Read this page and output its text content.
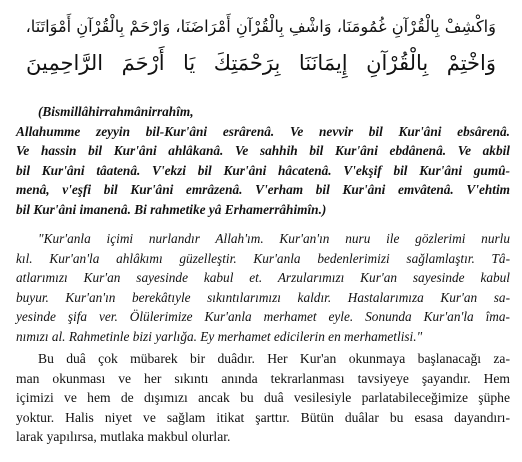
وَاكْشِفْ بِالْقُرْآنِ غُمُومَنَا، وَاشْفِ بِالْقُرْآنِ أَمْرَاضَنَا، وَارْحَمْ بِالْقُرْآنِ أَمْوَاتَنَا،
وَاخْتِمْ بِالْقُرْآنِ إِيمَانَنَا بِرَحْمَتِكَ يَا أَرْحَمَ الرَّاحِمِينَ
(Bismillâhirrahmânirrahîm,
Allahumme zeyyin bil-Kur'âni esrârenâ. Ve nevvir bil Kur'âni ebsârenâ.
Ve hassin bil Kur'âni ahlâkanâ. Ve sahhih bil Kur'âni ebdânenâ. Ve akbil
bil Kur'âni tâatenâ. V'ekzi bil Kur'âni hâcatenâ. V'ekşif bil Kur'âni gumû-
menâ, v'eşfi bil Kur'âni emrâzenâ. V'erham bil Kur'âni emvâtenâ. V'ehtim
bil Kur'âni imanenâ. Bi rahmetike yâ Erhamerrâhimîn.)
"Kur'anla içimi nurlandır Allah'ım. Kur'an'ın nuru ile gözlerimi nurlu
kıl. Kur'an'la ahlâkımı güzelleştir. Kur'anla bedenlerimizi sağlamlaştır. Tâ-
atlarımızı Kur'an sayesinde kabul et. Arzularımızı Kur'an sayesinde kabul
buyur. Kur'an'ın berekâtıyle sıkıntılarımızı kaldır. Hastalarımıza Kur'an sa-
yesinde şifa ver. Ölülerimize Kur'anla merhamet eyle. Sonunda Kur'an'la îma-
nımızı al. Rahmetinle bizi yarlığa. Ey merhamet edicilerin en merhametlisi."
Bu duâ çok mübarek bir duâdır. Her Kur'an okunmaya başlanacağı za-
man okunması ve her sıkıntı anında tekrarlanması tavsiyeye şayandır. Hem
içimizi ve hem de dışımızı ancak bu duâ vesilesiyle parlatabileceğimize şüphe
yoktur. Halis niyet ve sağlam itikat şarttır. Bütün duâlar bu esasa dayandırı-
larak yapılırsa, mutlaka makbul olurlar.
